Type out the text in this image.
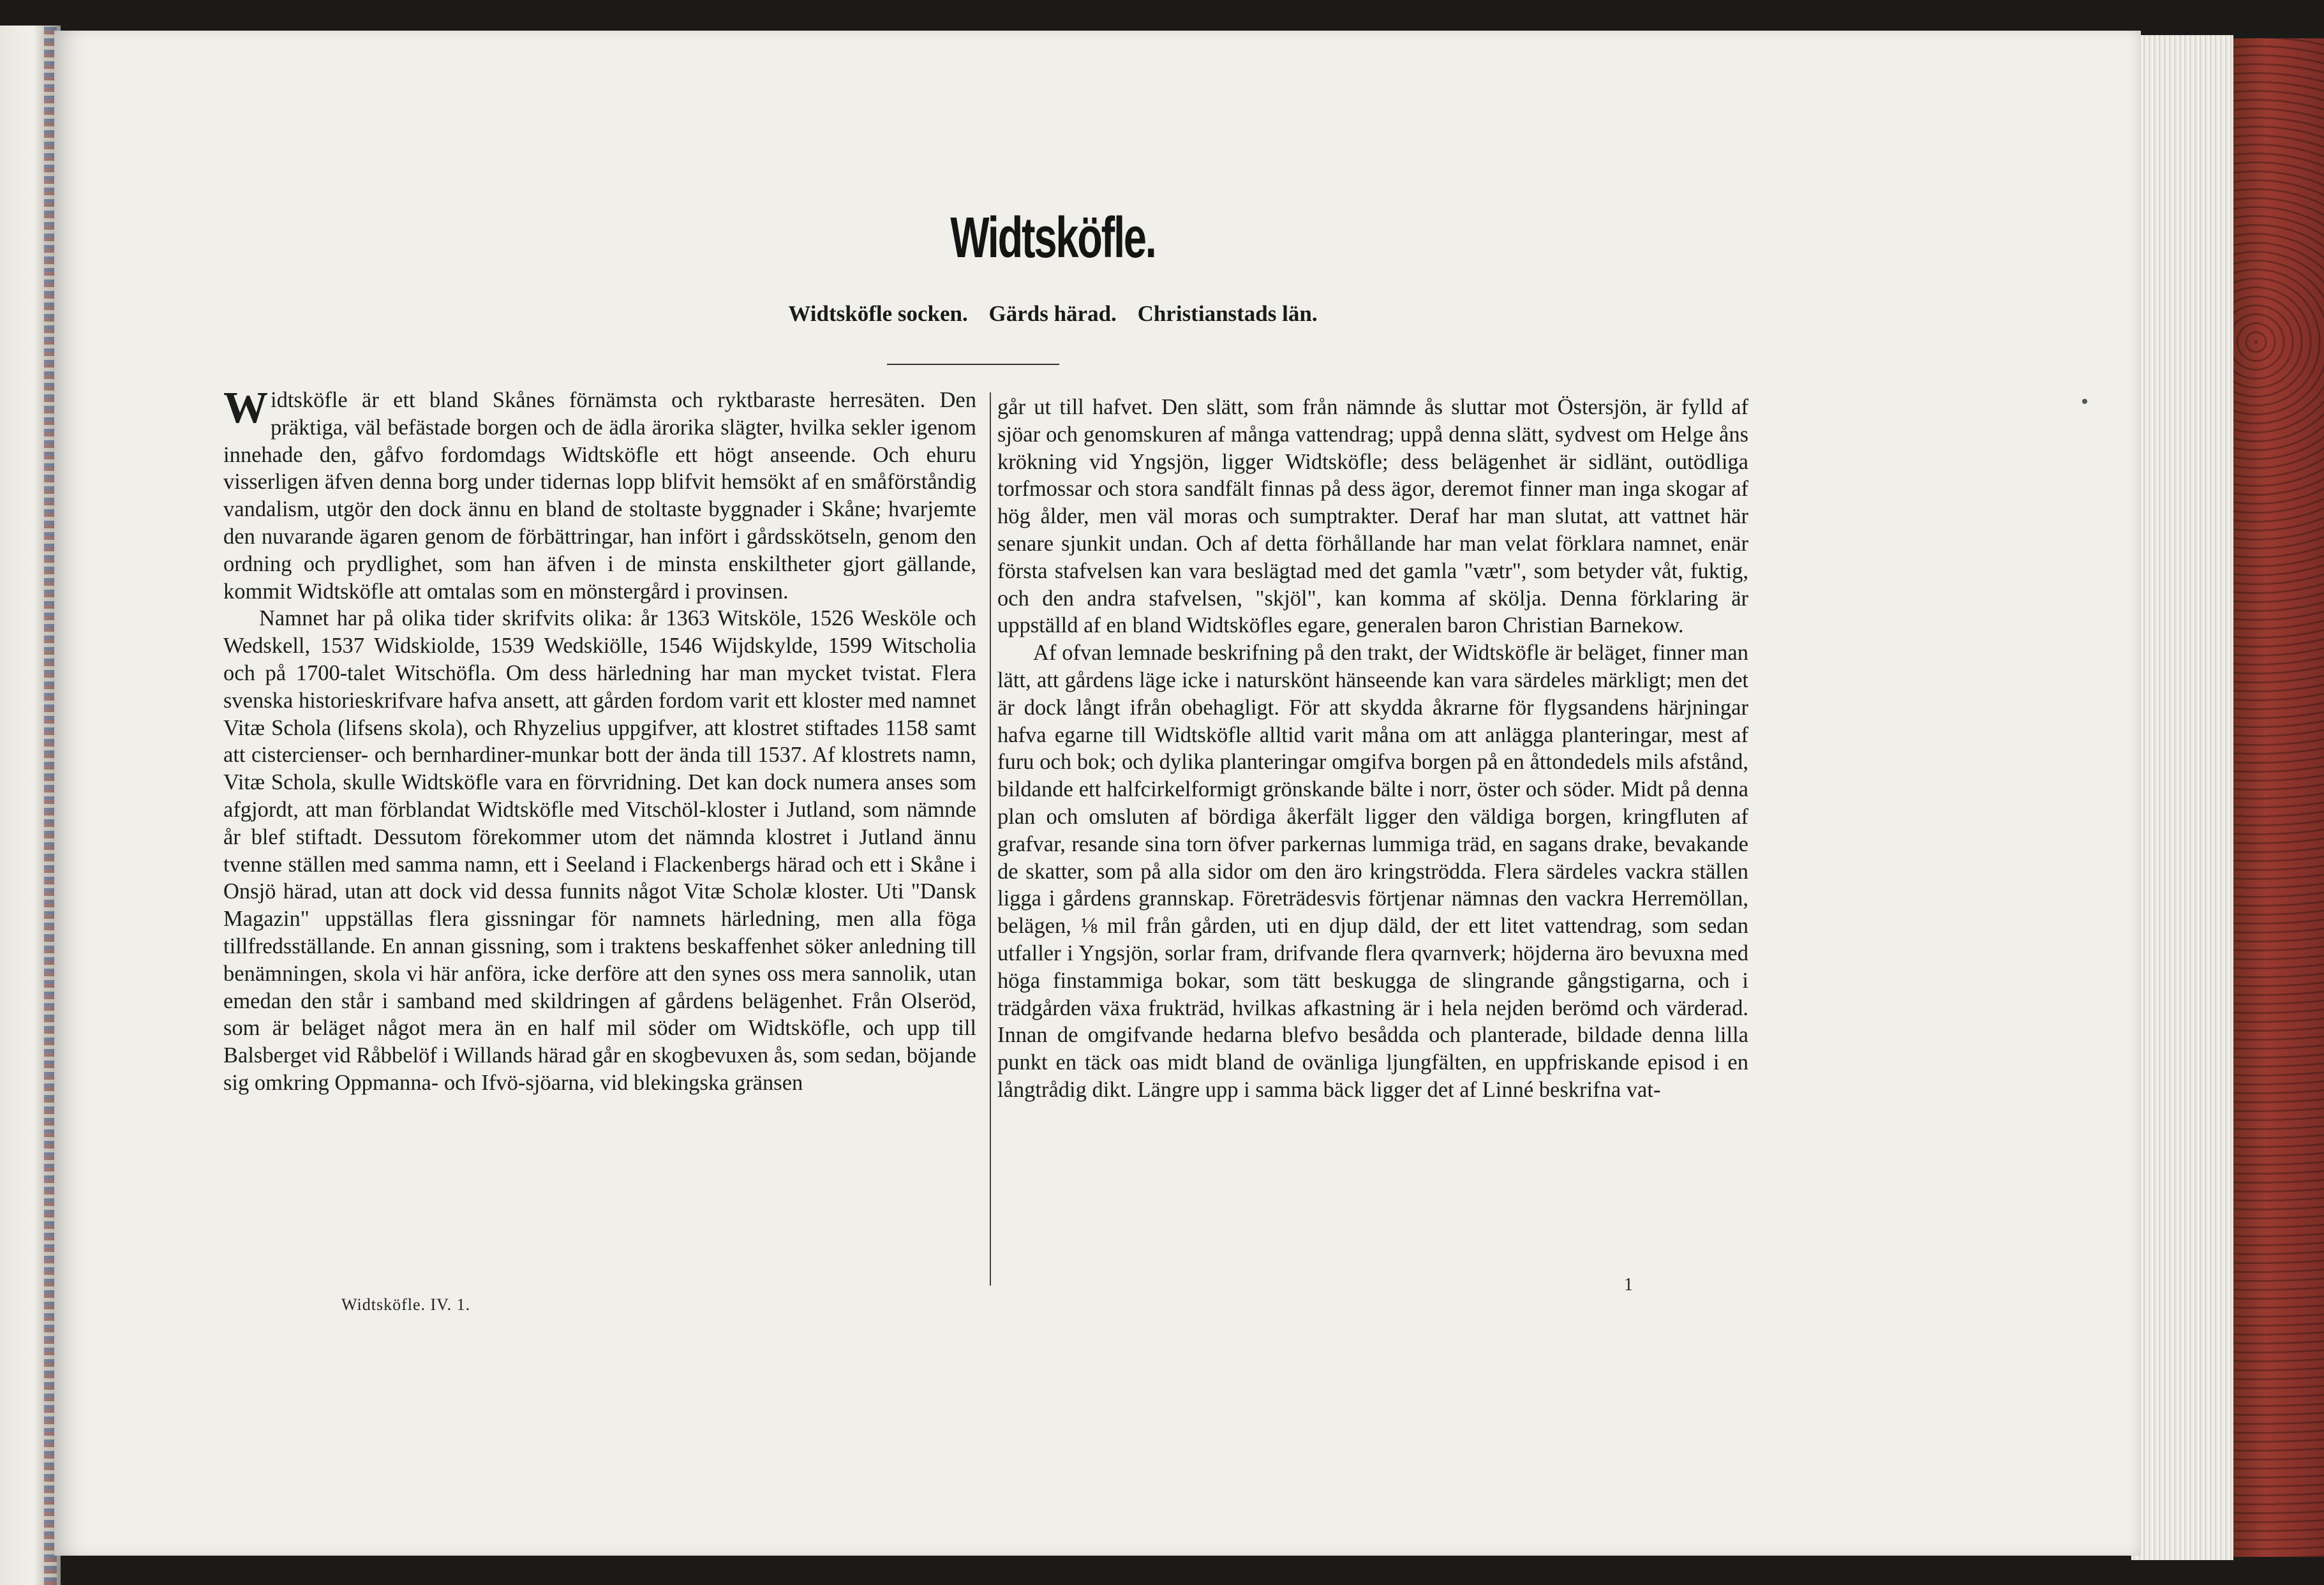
Widtsköfle.
Widtsköfle socken. Gärds härad. Christianstads län.

Widtsköfle är ett bland Skånes förnämsta och ryktbaraste herresäten. Den präktiga, väl befästade borgen och de ädla ärorika slägter, hvilka sekler igenom innehade den, gåfvo fordomdags Widtsköfle ett högt anseende. Och ehuru visserligen äfven denna borg under tidernas lopp blifvit hemsökt af en småförståndig vandalism, utgör den dock ännu en bland de stoltaste byggnader i Skåne; hvarjemte den nuvarande ägaren genom de förbättringar, han infört i gårdsskötseln, genom den ordning och prydlighet, som han äfven i de minsta enskiltheter gjort gällande, kommit Widtsköfle att omtalas som en mönstergård i provinsen.

Namnet har på olika tider skrifvits olika: år 1363 Witsköle, 1526 Wesköle och Wedskell, 1537 Widskiolde, 1539 Wedskiölle, 1546 Wijdskylde, 1599 Witscholia och på 1700-talet Witschöfla. Om dess härledning har man mycket tvistat. Flera svenska historieskrifvare hafva ansett, att gården fordom varit ett kloster med namnet Vitæ Schola (lifsens skola), och Rhyzelius uppgifver, att klostret stiftades 1158 samt att cistercienser- och bernhardiner-munkar bott der ända till 1537. Af klostrets namn, Vitæ Schola, skulle Widtsköfle vara en förvridning. Det kan dock numera anses som afgjordt, att man förblandat Widtsköfle med Vitschöl-kloster i Jutland, som nämnde år blef stiftadt. Dessutom förekommer utom det nämnda klostret i Jutland ännu tvenne ställen med samma namn, ett i Seeland i Flackenbergs härad och ett i Skåne i Onsjö härad, utan att dock vid dessa funnits något Vitæ Scholæ kloster. Uti "Dansk Magazin" uppställas flera gissningar för namnets härledning, men alla föga tillfredsställande. En annan gissning, som i traktens beskaffenhet söker anledning till benämningen, skola vi här anföra, icke derföre att den synes oss mera sannolik, utan emedan den står i samband med skildringen af gårdens belägenhet. Från Olseröd, som är beläget något mera än en half mil söder om Widtsköfle, och upp till Balsberget vid Råbbelöf i Willands härad går en skogbevuxen ås, som sedan, böjande sig omkring Oppmanna- och Ifvö-sjöarna, vid blekingska gränsen

går ut till hafvet. Den slätt, som från nämnde ås sluttar mot Östersjön, är fylld af sjöar och genomskuren af många vattendrag; uppå denna slätt, sydvest om Helge åns krökning vid Yngsjön, ligger Widtsköfle; dess belägenhet är sidlänt, outödliga torfmossar och stora sandfält finnas på dess ägor, deremot finner man inga skogar af hög ålder, men väl moras och sumptrakter. Deraf har man slutat, att vattnet här senare sjunkit undan. Och af detta förhållande har man velat förklara namnet, enär första stafvelsen kan vara beslägtad med det gamla "vætr", som betyder våt, fuktig, och den andra stafvelsen, "skjöl", kan komma af skölja. Denna förklaring är uppställd af en bland Widtsköfles egare, generalen baron Christian Barnekow.

Af ofvan lemnade beskrifning på den trakt, der Widtsköfle är beläget, finner man lätt, att gårdens läge icke i naturskönt hänseende kan vara särdeles märkligt; men det är dock långt ifrån obehagligt. För att skydda åkrarne för flygsandens härjningar hafva egarne till Widtsköfle alltid varit måna om att anlägga planteringar, mest af furu och bok; och dylika planteringar omgifva borgen på en åttondedels mils afstånd, bildande ett halfcirkelformigt grönskande bälte i norr, öster och söder. Midt på denna plan och omsluten af bördiga åkerfält ligger den väldiga borgen, kringfluten af grafvar, resande sina torn öfver parkernas lummiga träd, en sagans drake, bevakande de skatter, som på alla sidor om den äro kringströdda. Flera särdeles vackra ställen ligga i gårdens grannskap. Företrädesvis förtjenar nämnas den vackra Herremöllan, belägen, ⅛ mil från gården, uti en djup däld, der ett litet vattendrag, som sedan utfaller i Yngsjön, sorlar fram, drifvande flera qvarnverk; höjderna äro bevuxna med höga finstammiga bokar, som tätt beskugga de slingrande gångstigarna, och i trädgården växa frukträd, hvilkas afkastning är i hela nejden berömd och värderad. Innan de omgifvande hedarna blefvo besådda och planterade, bildade denna lilla punkt en täck oas midt bland de ovänliga ljungfälten, en uppfriskande episod i en långtrådig dikt. Längre upp i samma bäck ligger det af Linné beskrifna vat-

Widtsköfle. IV. 1.
1
